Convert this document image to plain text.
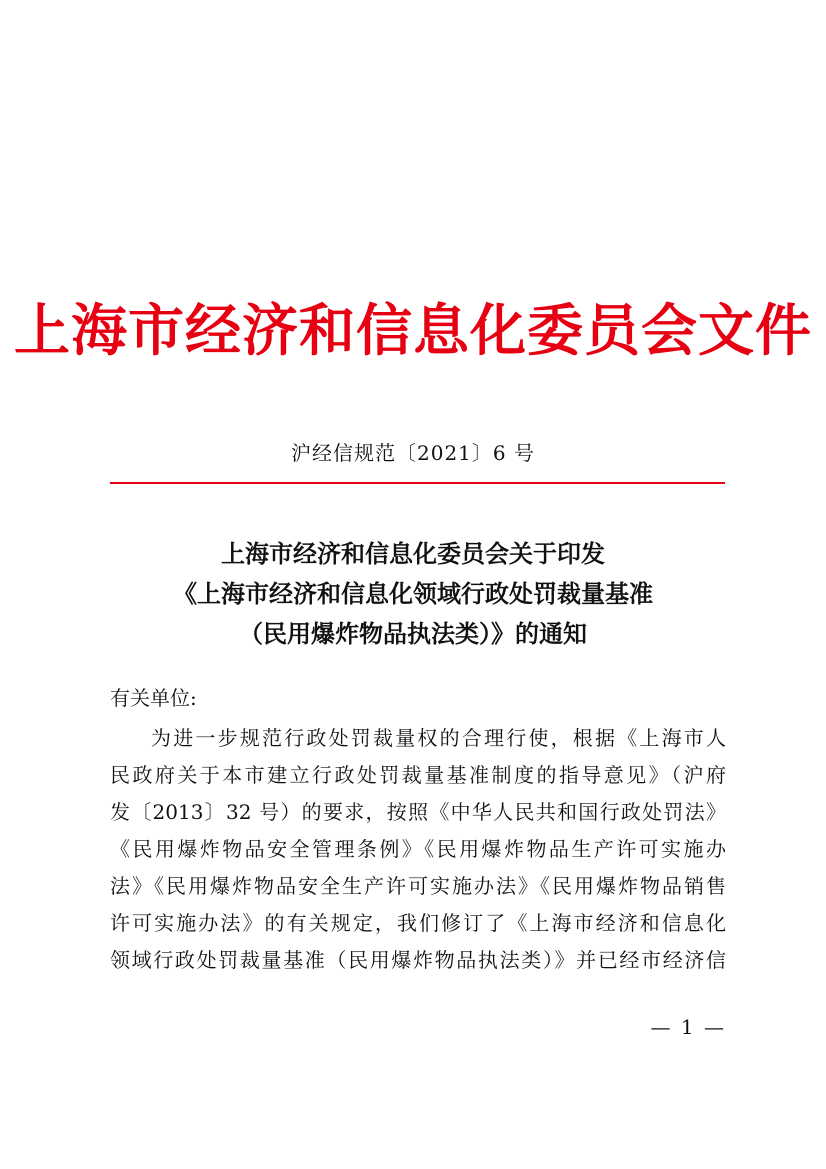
上海市经济和信息化委员会文件
沪经信规范〔2021〕6 号
上海市经济和信息化委员会关于印发
《上海市经济和信息化领域行政处罚裁量基准
（民用爆炸物品执法类）》的通知
有关单位:
为进一步规范行政处罚裁量权的合理行使，根据《上海市人
民政府关于本市建立行政处罚裁量基准制度的指导意见》（沪府
发〔2013〕32 号）的要求，按照《中华人民共和国行政处罚法》
《民用爆炸物品安全管理条例》《民用爆炸物品生产许可实施办
法》《民用爆炸物品安全生产许可实施办法》《民用爆炸物品销售
许可实施办法》的有关规定，我们修订了《上海市经济和信息化
领域行政处罚裁量基准（民用爆炸物品执法类）》并已经市经济信
— 1 —
